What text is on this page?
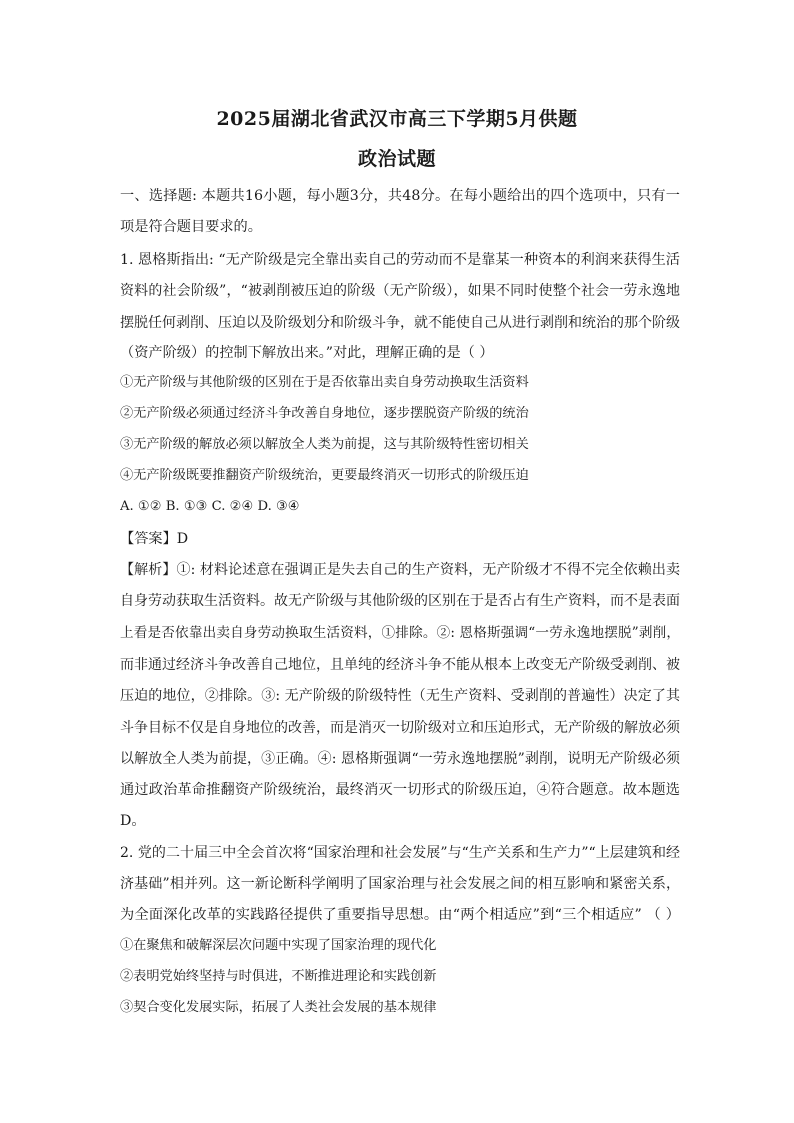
2025届湖北省武汉市高三下学期5月供题
政治试题
一、选择题: 本题共16小题，每小题3分，共48分。在每小题给出的四个选项中，只有一
项是符合题目要求的。
1. 恩格斯指出: “无产阶级是完全靠出卖自己的劳动而不是靠某一种资本的利润来获得生活
资料的社会阶级”，“被剥削被压迫的阶级（无产阶级），如果不同时使整个社会一劳永逸地
摆脱任何剥削、压迫以及阶级划分和阶级斗争，就不能使自己从进行剥削和统治的那个阶级
（资产阶级）的控制下解放出来。”对此，理解正确的是（ ）
①无产阶级与其他阶级的区别在于是否依靠出卖自身劳动换取生活资料
②无产阶级必须通过经济斗争改善自身地位，逐步摆脱资产阶级的统治
③无产阶级的解放必须以解放全人类为前提，这与其阶级特性密切相关
④无产阶级既要推翻资产阶级统治，更要最终消灭一切形式的阶级压迫
A. ①② B. ①③ C. ②④ D. ③④
【答案】D
【解析】①: 材料论述意在强调正是失去自己的生产资料，无产阶级才不得不完全依赖出卖
自身劳动获取生活资料。故无产阶级与其他阶级的区别在于是否占有生产资料，而不是表面
上看是否依靠出卖自身劳动换取生活资料，①排除。②: 恩格斯强调“一劳永逸地摆脱”剥削，
而非通过经济斗争改善自己地位，且单纯的经济斗争不能从根本上改变无产阶级受剥削、被
压迫的地位，②排除。③: 无产阶级的阶级特性（无生产资料、受剥削的普遍性）决定了其
斗争目标不仅是自身地位的改善，而是消灭一切阶级对立和压迫形式，无产阶级的解放必须
以解放全人类为前提，③正确。④: 恩格斯强调“一劳永逸地摆脱”剥削，说明无产阶级必须
通过政治革命推翻资产阶级统治，最终消灭一切形式的阶级压迫，④符合题意。故本题选
D。
2. 党的二十届三中全会首次将“国家治理和社会发展”与“生产关系和生产力”“上层建筑和经
济基础”相并列。这一新论断科学阐明了国家治理与社会发展之间的相互影响和紧密关系，
为全面深化改革的实践路径提供了重要指导思想。由“两个相适应”到“三个相适应” （ ）
①在聚焦和破解深层次问题中实现了国家治理的现代化
②表明党始终坚持与时俱进，不断推进理论和实践创新
③契合变化发展实际，拓展了人类社会发展的基本规律
